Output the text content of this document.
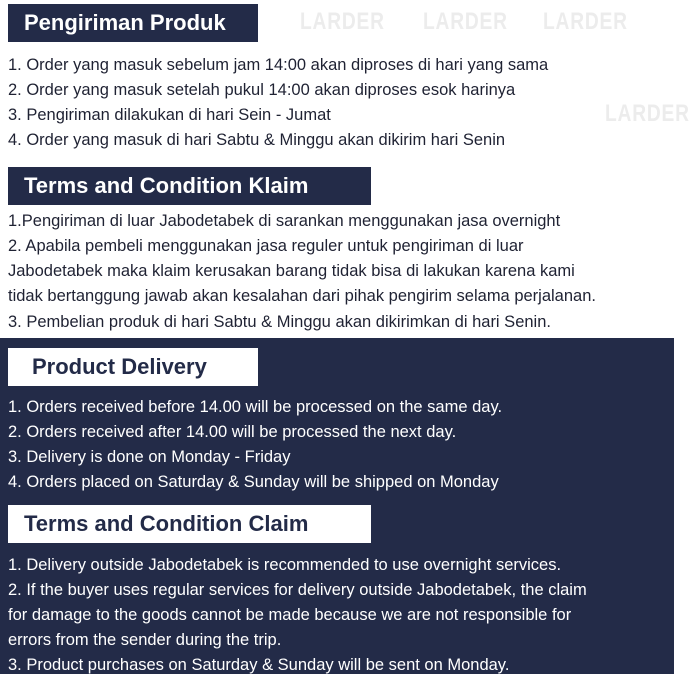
LARDER LARDER LARDER
LARDER
Pengiriman Produk
1. Order yang masuk sebelum jam 14:00 akan diproses di hari yang sama
2. Order yang masuk setelah pukul 14:00 akan diproses esok harinya
3. Pengiriman dilakukan di hari Sein - Jumat
4. Order yang masuk di hari Sabtu & Minggu akan dikirim hari Senin
Terms and Condition Klaim
1.Pengiriman di luar Jabodetabek di sarankan menggunakan jasa overnight
2. Apabila pembeli menggunakan jasa reguler untuk pengiriman di luar
Jabodetabek maka klaim kerusakan barang tidak bisa di lakukan karena kami
tidak bertanggung jawab akan kesalahan dari pihak pengirim selama perjalanan.
3. Pembelian produk di hari Sabtu & Minggu akan dikirimkan di hari Senin.
Product Delivery
1. Orders received before 14.00 will be processed on the same day.
2. Orders received after 14.00 will be processed the next day.
3. Delivery is done on Monday - Friday
4. Orders placed on Saturday & Sunday will be shipped on Monday
Terms and Condition Claim
1. Delivery outside Jabodetabek is recommended to use overnight services.
2. If the buyer uses regular services for delivery outside Jabodetabek, the claim
for damage to the goods cannot be made because we are not responsible for
errors from the sender during the trip.
3. Product purchases on Saturday & Sunday will be sent on Monday.
